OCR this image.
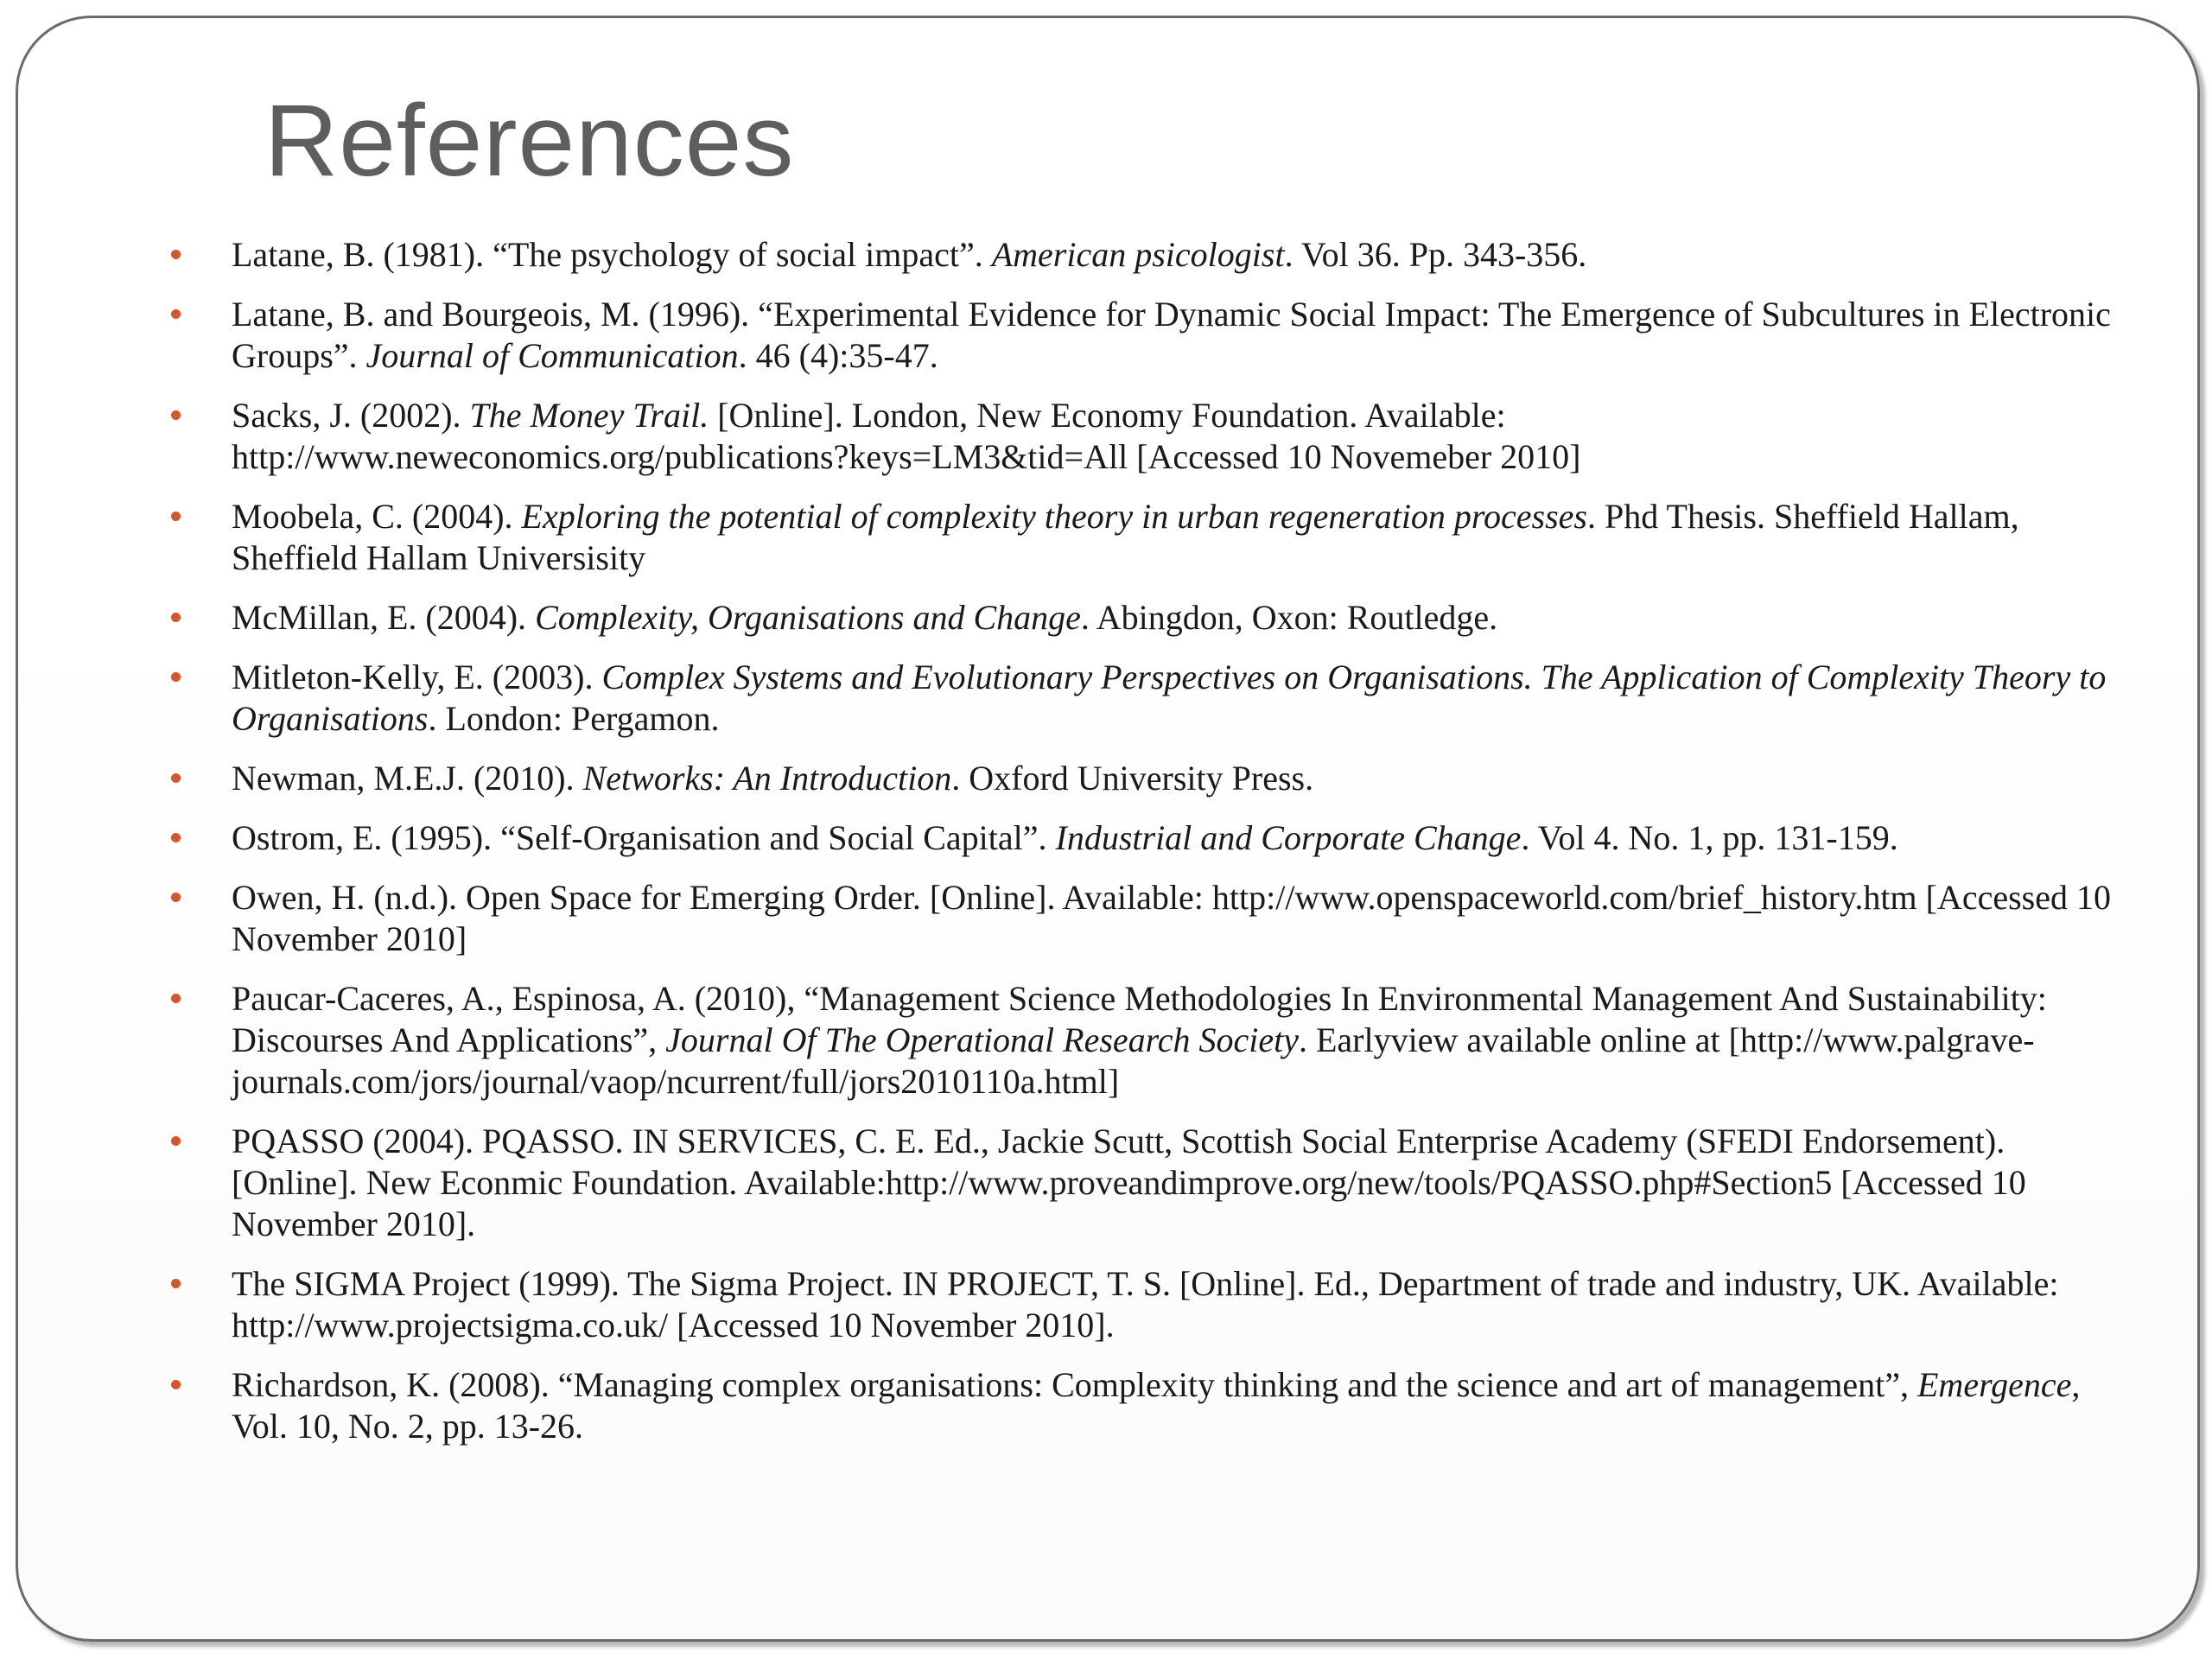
References
Latane, B. (1981). “The psychology of social impact”. American psicologist. Vol 36. Pp. 343-356.
Latane, B. and Bourgeois, M. (1996). “Experimental Evidence for Dynamic Social Impact: The Emergence of Subcultures in Electronic Groups”. Journal of Communication. 46 (4):35-47.
Sacks, J. (2002). The Money Trail. [Online]. London, New Economy Foundation. Available: http://www.neweconomics.org/publications?keys=LM3&tid=All [Accessed 10 Novemeber 2010]
Moobela, C. (2004). Exploring the potential of complexity theory in urban regeneration processes. Phd Thesis. Sheffield Hallam, Sheffield Hallam Universisity
McMillan, E. (2004). Complexity, Organisations and Change. Abingdon, Oxon: Routledge.
Mitleton-Kelly, E. (2003). Complex Systems and Evolutionary Perspectives on Organisations. The Application of Complexity Theory to Organisations. London: Pergamon.
Newman, M.E.J. (2010). Networks: An Introduction. Oxford University Press.
Ostrom, E. (1995). “Self-Organisation and Social Capital”. Industrial and Corporate Change. Vol 4. No. 1, pp. 131-159.
Owen, H. (n.d.). Open Space for Emerging Order. [Online]. Available: http://www.openspaceworld.com/brief_history.htm [Accessed 10 November 2010]
Paucar-Caceres, A., Espinosa, A. (2010), “Management Science Methodologies In Environmental Management And Sustainability: Discourses And Applications”, Journal Of The Operational Research Society. Earlyview available online at [http://www.palgrave-journals.com/jors/journal/vaop/ncurrent/full/jors2010110a.html]
PQASSO (2004). PQASSO. IN SERVICES, C. E. Ed., Jackie Scutt, Scottish Social Enterprise Academy (SFEDI Endorsement). [Online]. New Econmic Foundation. Available:http://www.proveandimprove.org/new/tools/PQASSO.php#Section5 [Accessed 10 November 2010].
The SIGMA Project (1999). The Sigma Project. IN PROJECT, T. S. [Online]. Ed., Department of trade and industry, UK. Available: http://www.projectsigma.co.uk/ [Accessed 10 November 2010].
Richardson, K. (2008). “Managing complex organisations: Complexity thinking and the science and art of management”, Emergence, Vol. 10, No. 2, pp. 13-26.
